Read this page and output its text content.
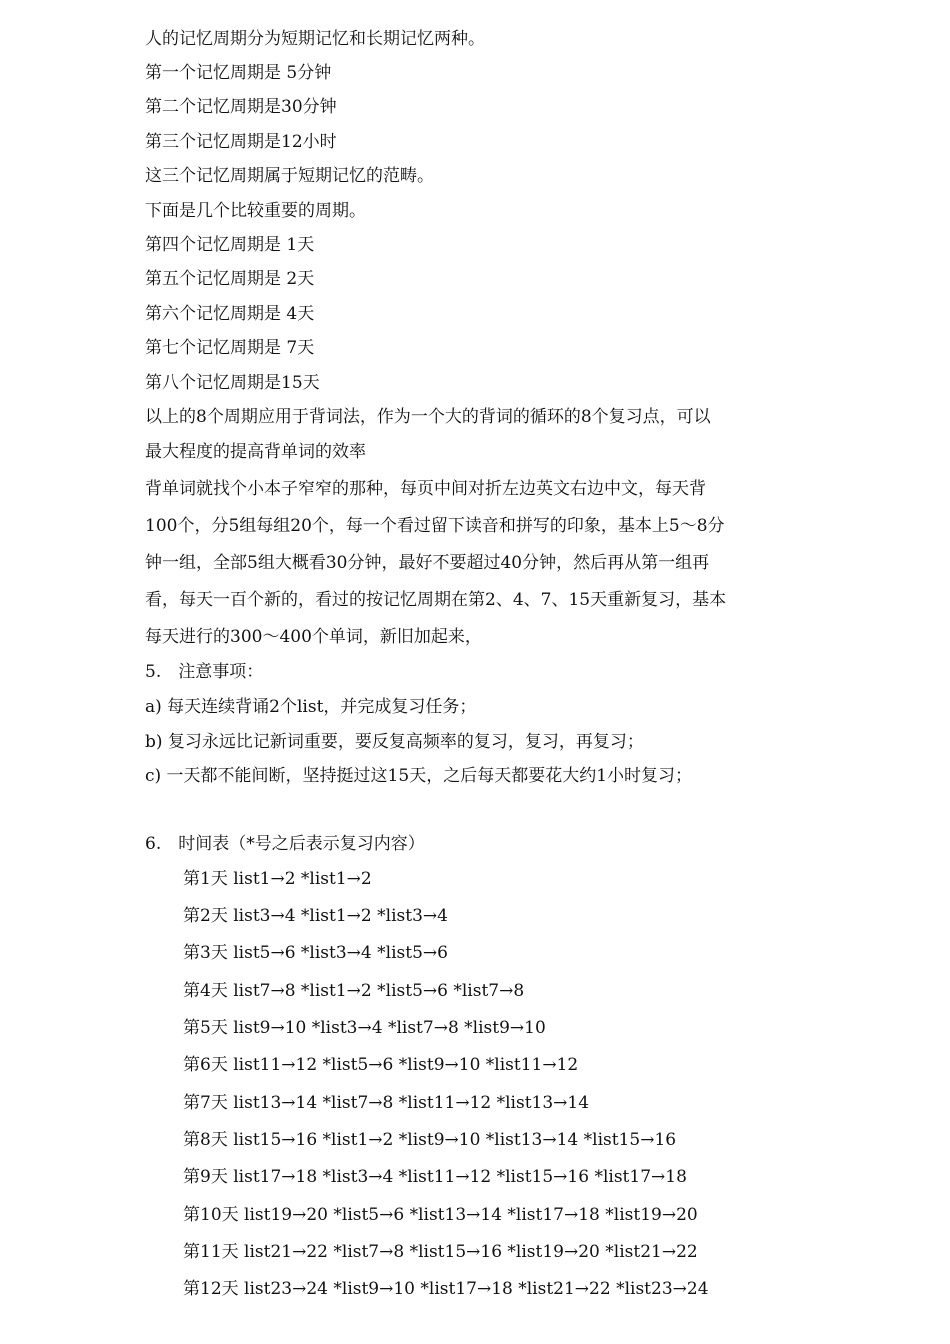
人的记忆周期分为短期记忆和长期记忆两种。
第一个记忆周期是 5分钟
第二个记忆周期是30分钟
第三个记忆周期是12小时
这三个记忆周期属于短期记忆的范畴。
下面是几个比较重要的周期。
第四个记忆周期是 1天
第五个记忆周期是 2天
第六个记忆周期是 4天
第七个记忆周期是 7天
第八个记忆周期是15天
以上的8个周期应用于背词法，作为一个大的背词的循环的8个复习点，可以
最大程度的提高背单词的效率
背单词就找个小本子窄窄的那种，每页中间对折左边英文右边中文，每天背
100个，分5组每组20个，每一个看过留下读音和拼写的印象，基本上5～8分
钟一组，全部5组大概看30分钟，最好不要超过40分钟，然后再从第一组再
看，每天一百个新的，看过的按记忆周期在第2、4、7、15天重新复习，基本
每天进行的300～400个单词，新旧加起来，
5.　注意事项：
a) 每天连续背诵2个list，并完成复习任务；
b) 复习永远比记新词重要，要反复高频率的复习，复习，再复习；
c) 一天都不能间断，坚持挺过这15天，之后每天都要花大约1小时复习；
6.　时间表（*号之后表示复习内容）
第1天 list1→2 *list1→2
第2天 list3→4 *list1→2 *list3→4
第3天 list5→6 *list3→4 *list5→6
第4天 list7→8 *list1→2 *list5→6 *list7→8
第5天 list9→10 *list3→4 *list7→8 *list9→10
第6天 list11→12 *list5→6 *list9→10 *list11→12
第7天 list13→14 *list7→8 *list11→12 *list13→14
第8天 list15→16 *list1→2 *list9→10 *list13→14 *list15→16
第9天 list17→18 *list3→4 *list11→12 *list15→16 *list17→18
第10天 list19→20 *list5→6 *list13→14 *list17→18 *list19→20
第11天 list21→22 *list7→8 *list15→16 *list19→20 *list21→22
第12天 list23→24 *list9→10 *list17→18 *list21→22 *list23→24
